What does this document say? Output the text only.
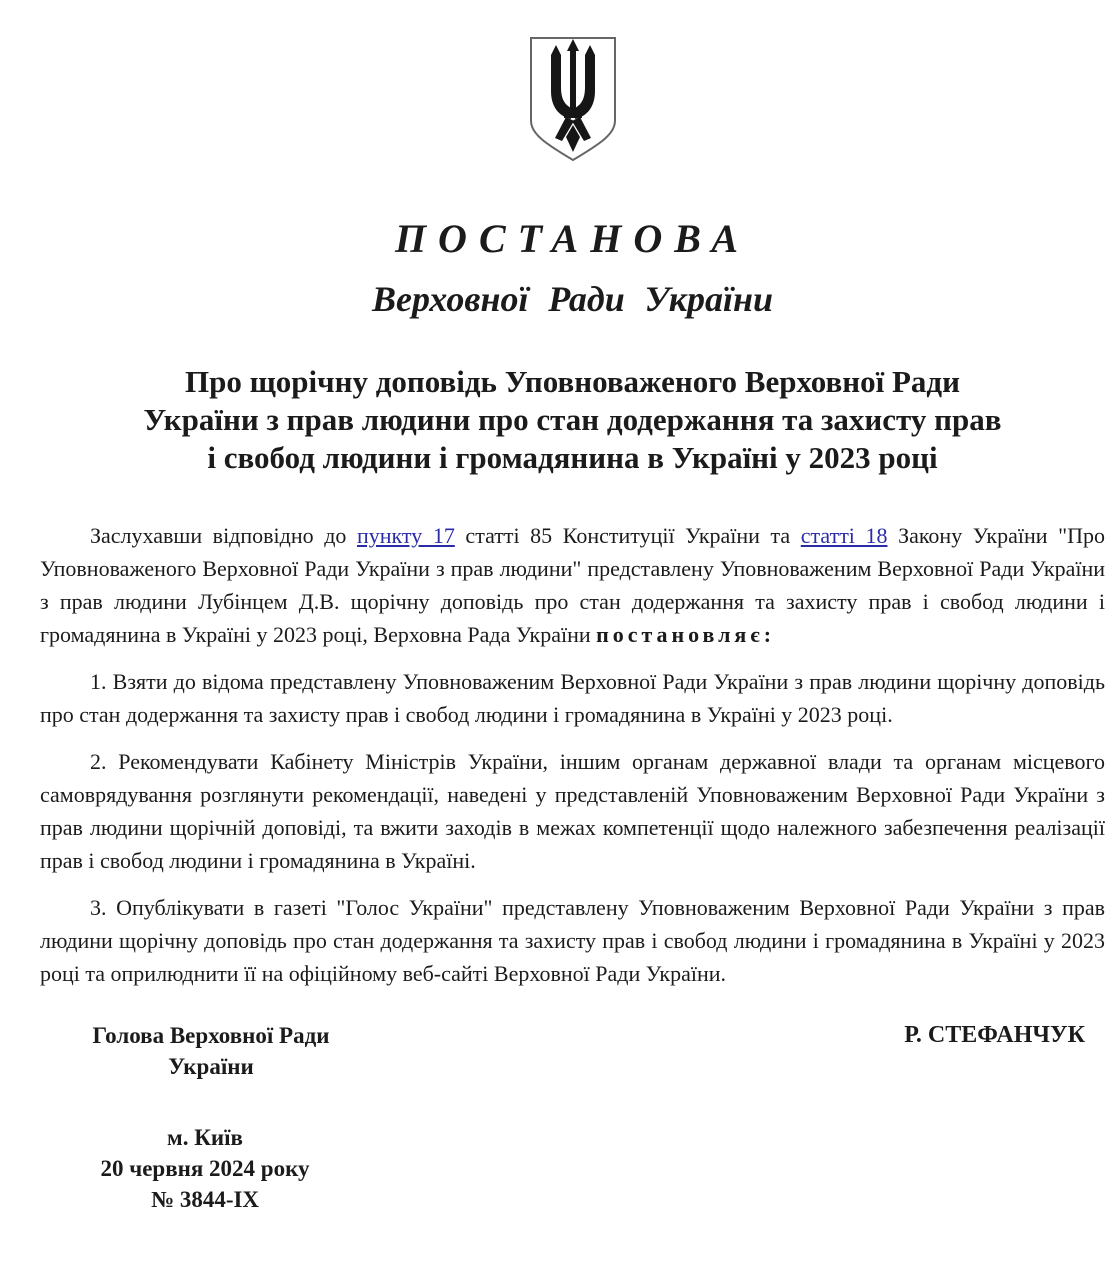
ПОСТАНОВА
Верховної Ради України
Про щорічну доповідь Уповноваженого Верховної Ради
України з прав людини про стан додержання та захисту прав
і свобод людини і громадянина в Україні у 2023 році

Заслухавши відповідно до пункту 17 статті 85 Конституції України та статті 18 Закону України "Про Уповноваженого Верховної Ради України з прав людини" представлену Уповноваженим Верховної Ради України з прав людини Лубінцем Д.В. щорічну доповідь про стан додержання та захисту прав і свобод людини і громадянина в Україні у 2023 році, Верховна Рада України постановляє:

1. Взяти до відома представлену Уповноваженим Верховної Ради України з прав людини щорічну доповідь про стан додержання та захисту прав і свобод людини і громадянина в Україні у 2023 році.

2. Рекомендувати Кабінету Міністрів України, іншим органам державної влади та органам місцевого самоврядування розглянути рекомендації, наведені у представленій Уповноваженим Верховної Ради України з прав людини щорічній доповіді, та вжити заходів в межах компетенції щодо належного забезпечення реалізації прав і свобод людини і громадянина в Україні.

3. Опублікувати в газеті "Голос України" представлену Уповноваженим Верховної Ради України з прав людини щорічну доповідь про стан додержання та захисту прав і свобод людини і громадянина в Україні у 2023 році та оприлюднити її на офіційному веб-сайті Верховної Ради України.

Голова Верховної Ради
України
Р. СТЕФАНЧУК
м. Київ
20 червня 2024 року
№ 3844-IX
